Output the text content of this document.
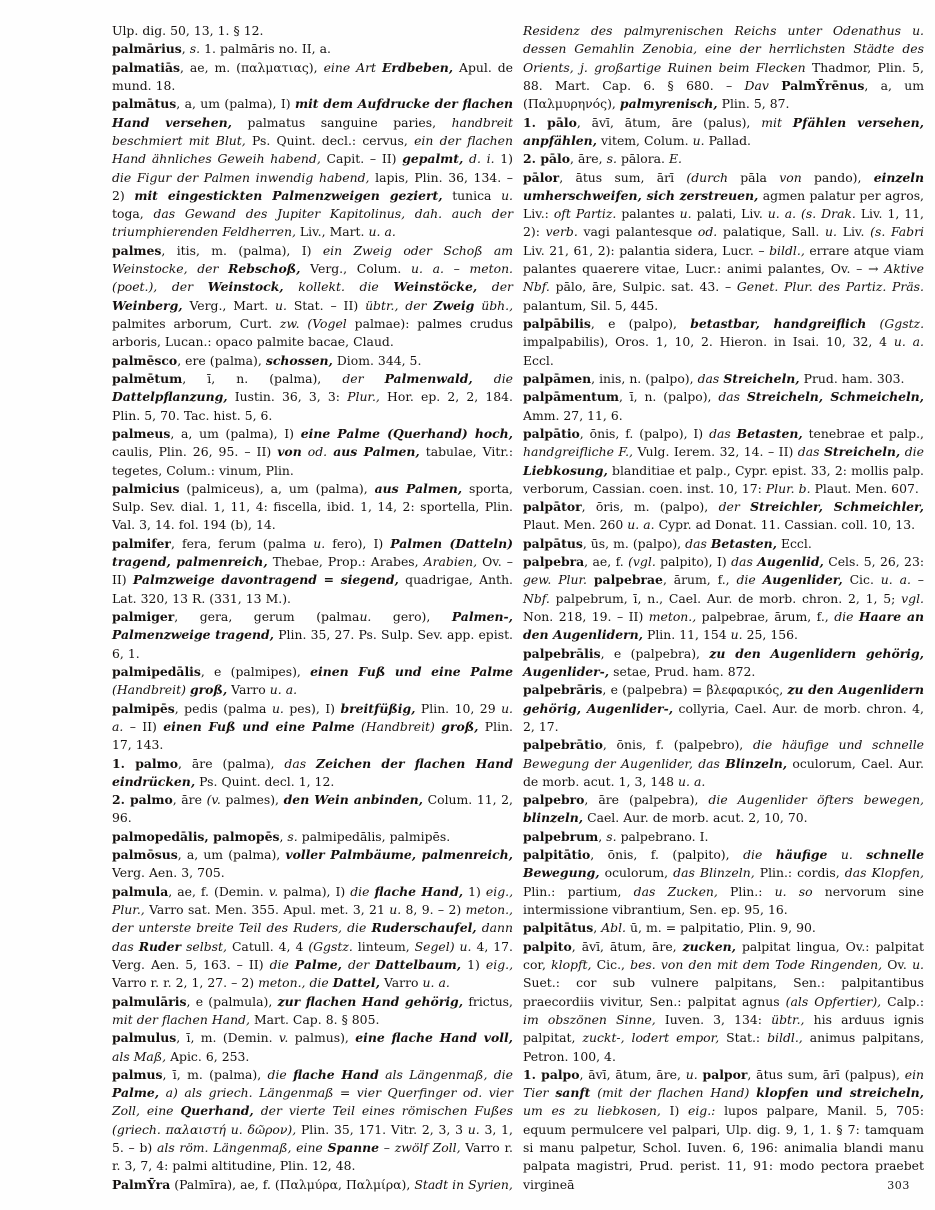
Ulp. dig. 50, 13, 1. § 12.

palmārius, s. 1. palmāris no. II, a.

palmatiās, ae, m. (παλματιας), eine Art Erdbeben, Apul. de mund. 18.

palmātus, a, um (palma), I) mit dem Aufdrucke der flachen Hand versehen, palmatus sanguine paries, handbreit beschmiert mit Blut, Ps. Quint. decl.: cervus, ein der flachen Hand ähnliches Geweih habend, Capit. – II) gepalmt, d. i. 1) die Figur der Palmen inwendig habend, lapis, Plin. 36, 134. – 2) mit eingestickten Palmenzweigen geziert, tunica u. toga, das Gewand des Jupiter Kapitolinus, dah. auch der triumphierenden Feldherren, Liv., Mart. u. a.

palmes, itis, m. (palma), I) ein Zweig oder Schoß am Weinstocke, der Rebschoß, Verg., Colum. u. a. – meton. (poet.), der Weinstock, kollekt. die Weinstöcke, der Weinberg, Verg., Mart. u. Stat. – II) übtr., der Zweig übh., palmites arborum, Curt. zw. (Vogel palmae): palmes crudus arboris, Lucan.: opaco palmite bacae, Claud.

palmēsco, ere (palma), schossen, Diom. 344, 5.

palmētum, ī, n. (palma), der Palmenwald, die Dattelpflanzung, Iustin. 36, 3, 3: Plur., Hor. ep. 2, 2, 184. Plin. 5, 70. Tac. hist. 5, 6.

palmeus, a, um (palma), I) eine Palme (Querhand) hoch, caulis, Plin. 26, 95. – II) von od. aus Palmen, tabulae, Vitr.: tegetes, Colum.: vinum, Plin.

palmicius (palmiceus), a, um (palma), aus Palmen, sporta, Sulp. Sev. dial. 1, 11, 4: fiscella, ibid. 1, 14, 2: sportella, Plin. Val. 3, 14. fol. 194 (b), 14.

palmifer, fera, ferum (palma u. fero), I) Palmen (Datteln) tragend, palmenreich, Thebae, Prop.: Arabes, Arabien, Ov. – II) Palmzweige davontragend = siegend, quadrigae, Anth. Lat. 320, 13 R. (331, 13 M.).

palmiger, gera, gerum (palmau. gero), Palmen-, Palmenzweige tragend, Plin. 35, 27. Ps. Sulp. Sev. app. epist. 6, 1.

palmipedālis, e (palmipes), einen Fuß und eine Palme (Handbreit) groß, Varro u. a.

palmipēs, pedis (palma u. pes), I) breitfüßig, Plin. 10, 29 u. a. – II) einen Fuß und eine Palme (Handbreit) groß, Plin. 17, 143.

1. palmo, āre (palma), das Zeichen der flachen Hand eindrücken, Ps. Quint. decl. 1, 12.

2. palmo, āre (v. palmes), den Wein anbinden, Colum. 11, 2, 96.

palmopedālis, palmopēs, s. palmipedālis, palmipēs.

palmōsus, a, um (palma), voller Palmbäume, palmenreich, Verg. Aen. 3, 705.

palmula, ae, f. (Demin. v. palma), I) die flache Hand, 1) eig., Plur., Varro sat. Men. 355. Apul. met. 3, 21 u. 8, 9. – 2) meton., der unterste breite Teil des Ruders, die Ruderschaufel, dann das Ruder selbst, Catull. 4, 4 (Ggstz. linteum, Segel) u. 4, 17. Verg. Aen. 5, 163. – II) die Palme, der Dattelbaum, 1) eig., Varro r. r. 2, 1, 27. – 2) meton., die Dattel, Varro u. a.

palmulāris, e (palmula), zur flachen Hand gehörig, frictus, mit der flachen Hand, Mart. Cap. 8. § 805.

palmulus, ī, m. (Demin. v. palmus), eine flache Hand voll, als Maß, Apic. 6, 253.

palmus, ī, m. (palma), die flache Hand als Längenmaß, die Palme, a) als griech. Längenmaß = vier Querfinger od. vier Zoll, eine Querhand, der vierte Teil eines römischen Fußes (griech. παλαιστή u. δῶρον), Plin. 35, 171. Vitr. 2, 3, 3 u. 3, 1, 5. – b) als röm. Längenmaß, eine Spanne – zwölf Zoll, Varro r. r. 3, 7, 4: palmi altitudine, Plin. 12, 48.

PalmȲra (Palmīra), ae, f. (Παλμύρα, Παλμίρα), Stadt in Syrien,

Residenz des palmyrenischen Reichs unter Odenathus u. dessen Gemahlin Zenobia, eine der herrlichsten Städte des Orients, j. großartige Ruinen beim Flecken Thadmor, Plin. 5, 88. Mart. Cap. 6. § 680. – Dav PalmȲrēnus, a, um (Παλμυρηνός), palmyrenisch, Plin. 5, 87.

1. pālo, āvī, ātum, āre (palus), mit Pfählen versehen, anpfählen, vitem, Colum. u. Pallad.

2. pālo, āre, s. pālora. E.

pālor, ātus sum, ārī (durch pāla von pando), einzeln umherschweifen, sich zerstreuen, agmen palatur per agros, Liv.: oft Partiz. palantes u. palati, Liv. u. a. (s. Drak. Liv. 1, 11, 2): verb. vagi palantesque od. palatique, Sall. u. Liv. (s. Fabri Liv. 21, 61, 2): palantia sidera, Lucr. – bildl., errare atque viam palantes quaerere vitae, Lucr.: animi palantes, Ov. – → Aktive Nbf. pālo, āre, Sulpic. sat. 43. – Genet. Plur. des Partiz. Präs. palantum, Sil. 5, 445.

palpābilis, e (palpo), betastbar, handgreiflich (Ggstz. impalpabilis), Oros. 1, 10, 2. Hieron. in Isai. 10, 32, 4 u. a. Eccl.

palpāmen, inis, n. (palpo), das Streicheln, Prud. ham. 303.

palpāmentum, ī, n. (palpo), das Streicheln, Schmeicheln, Amm. 27, 11, 6.

palpātio, ōnis, f. (palpo), I) das Betasten, tenebrae et palp., handgreifliche F., Vulg. Ierem. 32, 14. – II) das Streicheln, die Liebkosung, blanditiae et palp., Cypr. epist. 33, 2: mollis palp. verborum, Cassian. coen. inst. 10, 17: Plur. b. Plaut. Men. 607.

palpātor, ōris, m. (palpo), der Streichler, Schmeichler, Plaut. Men. 260 u. a. Cypr. ad Donat. 11. Cassian. coll. 10, 13.

palpātus, ūs, m. (palpo), das Betasten, Eccl.

palpebra, ae, f. (vgl. palpito), I) das Augenlid, Cels. 5, 26, 23: gew. Plur. palpebrae, ārum, f., die Augenlider, Cic. u. a. – Nbf. palpebrum, ī, n., Cael. Aur. de morb. chron. 2, 1, 5; vgl. Non. 218, 19. – II) meton., palpebrae, ārum, f., die Haare an den Augenlidern, Plin. 11, 154 u. 25, 156.

palpebrālis, e (palpebra), zu den Augenlidern gehörig, Augenlider-, setae, Prud. ham. 872.

palpebrāris, e (palpebra) = βλεφαρικός, zu den Augenlidern gehörig, Augenlider-, collyria, Cael. Aur. de morb. chron. 4, 2, 17.

palpebrātio, ōnis, f. (palpebro), die häufige und schnelle Bewegung der Augenlider, das Blinzeln, oculorum, Cael. Aur. de morb. acut. 1, 3, 148 u. a.

palpebro, āre (palpebra), die Augenlider öfters bewegen, blinzeln, Cael. Aur. de morb. acut. 2, 10, 70.

palpebrum, s. palpebrano. I.

palpitātio, ōnis, f. (palpito), die häufige u. schnelle Bewegung, oculorum, das Blinzeln, Plin.: cordis, das Klopfen, Plin.: partium, das Zucken, Plin.: u. so nervorum sine intermissione vibrantium, Sen. ep. 95, 16.

palpitātus, Abl. ū, m. = palpitatio, Plin. 9, 90.

palpito, āvī, ātum, āre, zucken, palpitat lingua, Ov.: palpitat cor, klopft, Cic., bes. von den mit dem Tode Ringenden, Ov. u. Suet.: cor sub vulnere palpitans, Sen.: palpitantibus praecordiis vivitur, Sen.: palpitat agnus (als Opfertier), Calp.: im obszönen Sinne, Iuven. 3, 134: übtr., his arduus ignis palpitat, zuckt-, lodert empor, Stat.: bildl., animus palpitans, Petron. 100, 4.

1. palpo, āvī, ātum, āre, u. palpor, ātus sum, ārī (palpus), ein Tier sanft (mit der flachen Hand) klopfen und streicheln, um es zu liebkosen, I) eig.: lupos palpare, Manil. 5, 705: equum permulcere vel palpari, Ulp. dig. 9, 1, 1. § 7: tamquam si manu palpetur, Schol. Iuven. 6, 196: animalia blandi manu palpata magistri, Prud. perist. 11, 91: modo pectora praebet virgineā	303
